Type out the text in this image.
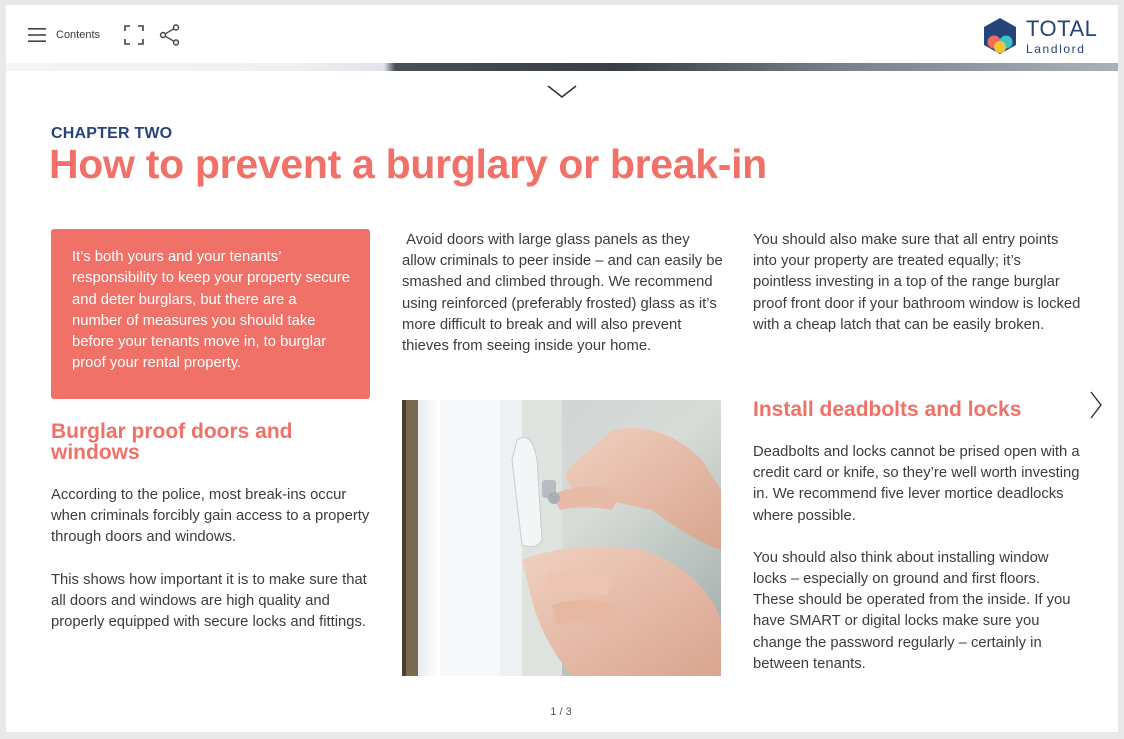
Contents	TOTAL
Landlord
CHAPTER TWO
How to prevent a burglary or break-in
It’s both yours and your tenants’ responsibility to keep your property secure and deter burglars, but there are a number of measures you should take before your tenants move in, to burglar proof your rental property.
Burglar proof doors and windows

According to the police, most break-ins occur when criminals forcibly gain access to a property through doors and windows.

This shows how important it is to make sure that all doors and windows are high quality and properly equipped with secure locks and fittings.

Avoid doors with large glass panels as they allow criminals to peer inside – and can easily be smashed and climbed through. We recommend using reinforced (preferably frosted) glass as it’s more difficult to break and will also prevent thieves from seeing inside your home.

You should also make sure that all entry points into your property are treated equally; it’s pointless investing in a top of the range burglar proof front door if your bathroom window is locked with a cheap latch that can be easily broken.

Install deadbolts and locks

Deadbolts and locks cannot be prised open with a credit card or knife, so they’re well worth investing in. We recommend five lever mortice deadlocks where possible.

You should also think about installing window locks – especially on ground and first floors. These should be operated from the inside. If you have SMART or digital locks make sure you change the password regularly – certainly in between tenants.

1 / 3
